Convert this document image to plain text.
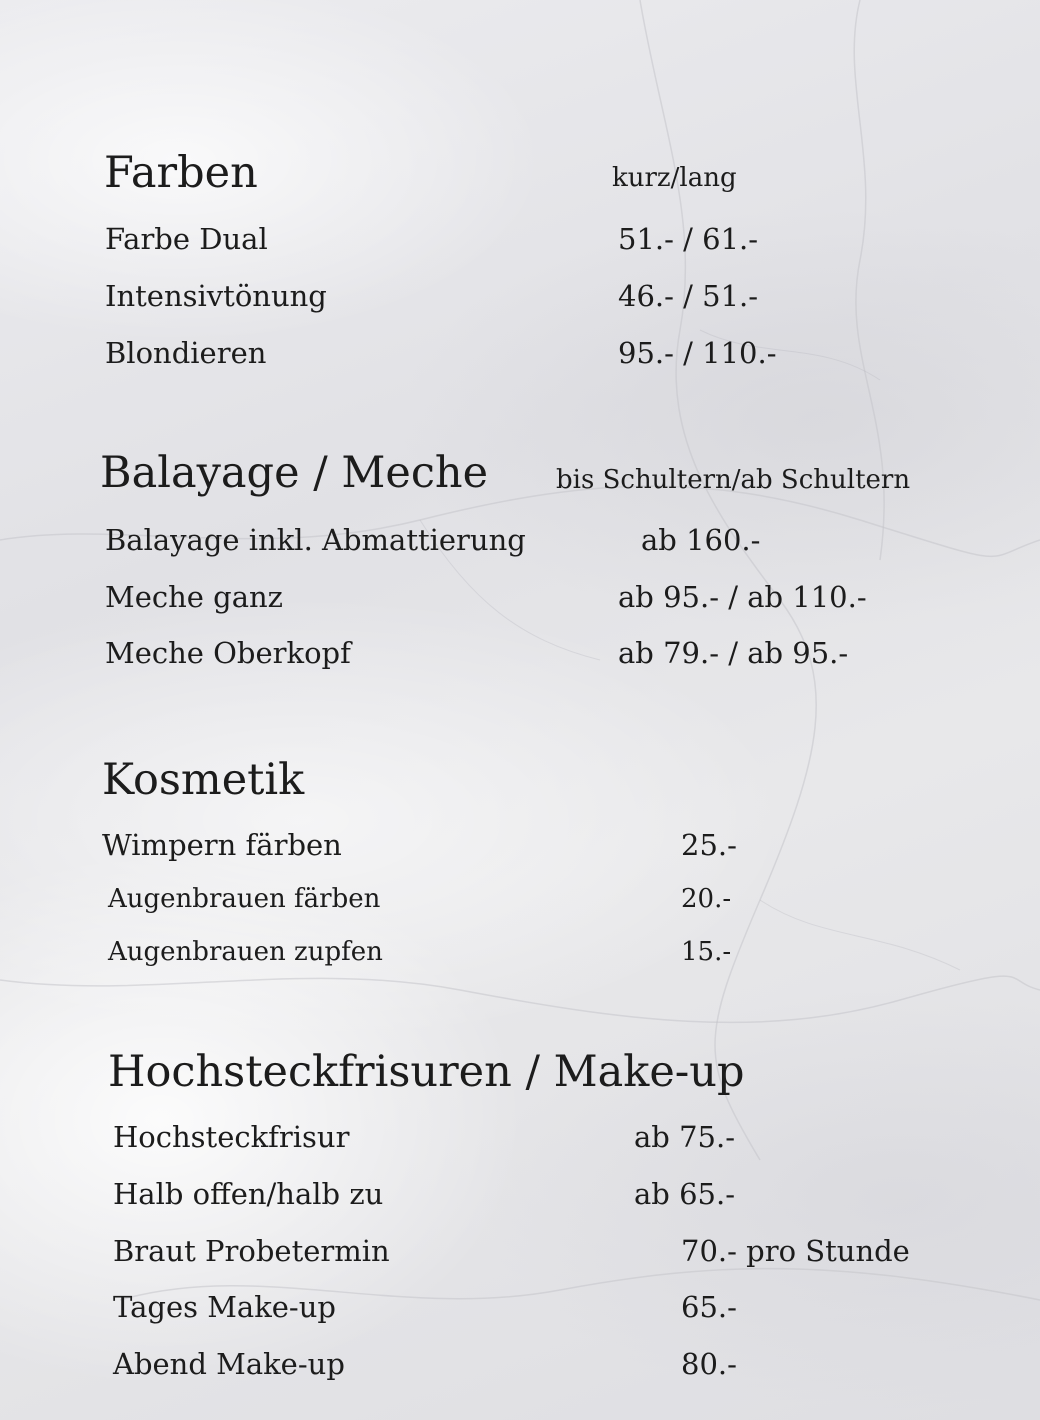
Farben	kurz/lang
Farbe Dual	51.- / 61.-
Intensivtönung	46.- / 51.-
Blondieren	95.- / 110.-
Balayage / Meche	bis Schultern/ab Schultern
Balayage inkl. Abmattierung	ab 160.-
Meche ganz	ab 95.- / ab 110.-
Meche Oberkopf	ab 79.- / ab 95.-
Kosmetik
Wimpern färben	25.-
Augenbrauen färben	20.-
Augenbrauen zupfen	15.-
Hochsteckfrisuren / Make-up
Hochsteckfrisur	ab 75.-
Halb offen/halb zu	ab 65.-
Braut Probetermin	70.- pro Stunde
Tages Make-up	65.-
Abend Make-up	80.-
